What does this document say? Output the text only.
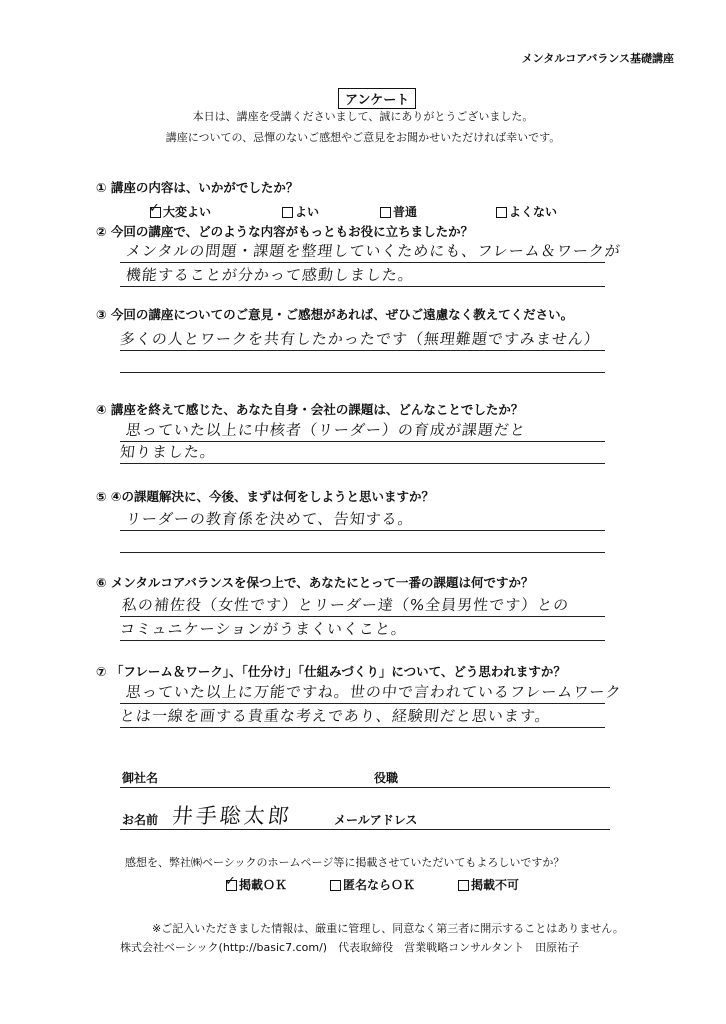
メンタルコアバランス基礎講座
アンケート
本日は、講座を受講くださいまして、誠にありがとうございました。
講座についての、忌憚のないご感想やご意見をお聞かせいただければ幸いです。
① 講座の内容は、いかがでしたか？
✓ 大変よい	よい	普通	よくない
② 今回の講座で、どのような内容がもっともお役に立ちましたか？
メンタルの問題・課題を整理していくためにも、フレーム＆ワークが
機能することが分かって感動しました。
③ 今回の講座についてのご意見・ご感想があれば、ぜひご遠慮なく教えてください。
多くの人とワークを共有したかったです（無理難題ですみません）
④ 講座を終えて感じた、あなた自身・会社の課題は、どんなことでしたか？
思っていた以上に中核者（リーダー）の育成が課題だと
知りました。
⑤ ④の課題解決に、今後、まずは何をしようと思いますか？
リーダーの教育係を決めて、告知する。
⑥ メンタルコアバランスを保つ上で、あなたにとって一番の課題は何ですか？
私の補佐役（女性です）とリーダー達（%全員男性です）との
コミュニケーションがうまくいくこと。
⑦ 「フレーム＆ワーク」、「仕分け」「仕組みづくり」について、どう思われますか？
思っていた以上に万能ですね。世の中で言われているフレームワーク
とは一線を画する貴重な考えであり、経験則だと思います。
御社名	役職
お名前 井手聡太郎	メールアドレス
感想を、弊社㈱ベーシックのホームページ等に掲載させていただいてもよろしいですか？
✓ 掲載ＯＫ	匿名ならＯＫ	掲載不可
※ご記入いただきました情報は、厳重に管理し、同意なく第三者に開示することはありません。
株式会社ベーシック(http://basic7.com/)　代表取締役　営業戦略コンサルタント　田原祐子
